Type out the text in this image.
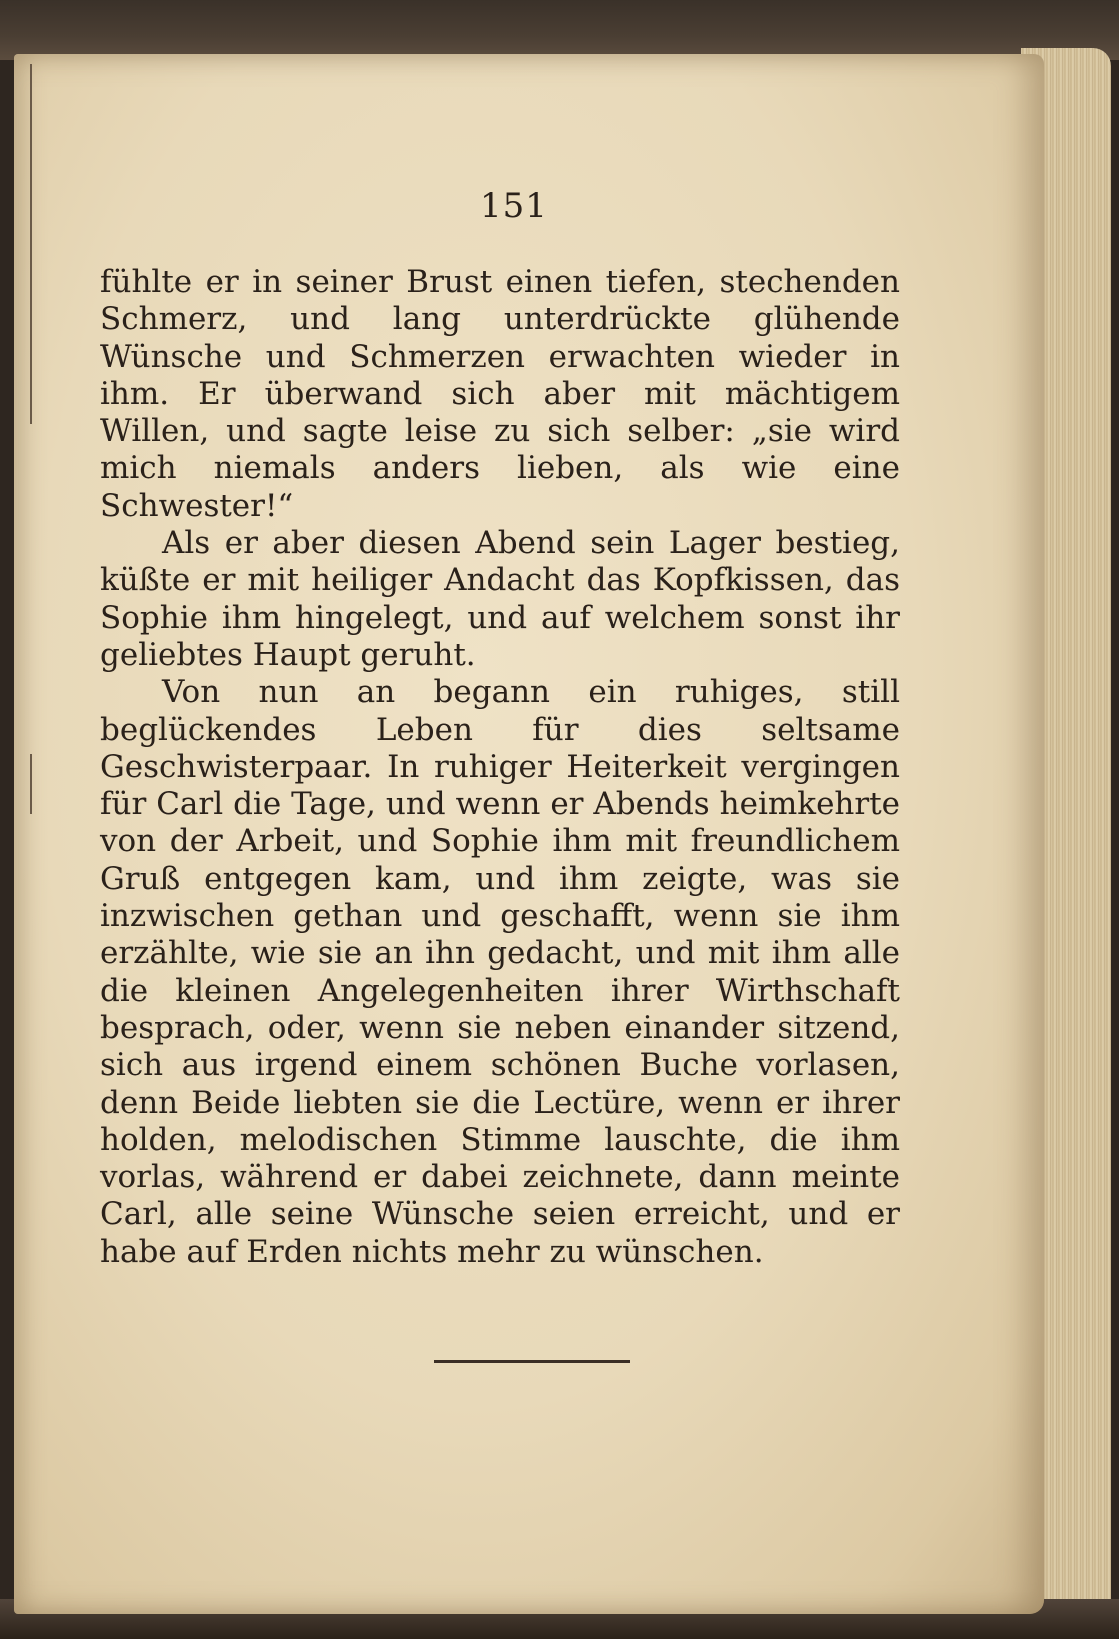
151

fühlte er in seiner Brust einen tiefen, stechenden Schmerz, und lang unterdrückte glühende Wünsche und Schmerzen erwachten wieder in ihm. Er überwand sich aber mit mächtigem Willen, und sagte leise zu sich selber: „sie wird mich niemals anders lieben, als wie eine Schwester!“

Als er aber diesen Abend sein Lager bestieg, küßte er mit heiliger Andacht das Kopfkissen, das Sophie ihm hingelegt, und auf welchem sonst ihr geliebtes Haupt geruht.

Von nun an begann ein ruhiges, still beglückendes Leben für dies seltsame Geschwisterpaar. In ruhiger Heiterkeit vergingen für Carl die Tage, und wenn er Abends heimkehrte von der Arbeit, und Sophie ihm mit freundlichem Gruß entgegen kam, und ihm zeigte, was sie inzwischen gethan und geschafft, wenn sie ihm erzählte, wie sie an ihn gedacht, und mit ihm alle die kleinen Angelegenheiten ihrer Wirthschaft besprach, oder, wenn sie neben einander sitzend, sich aus irgend einem schönen Buche vorlasen, denn Beide liebten sie die Lectüre, wenn er ihrer holden, melodischen Stimme lauschte, die ihm vorlas, während er dabei zeichnete, dann meinte Carl, alle seine Wünsche seien erreicht, und er habe auf Erden nichts mehr zu wünschen.
